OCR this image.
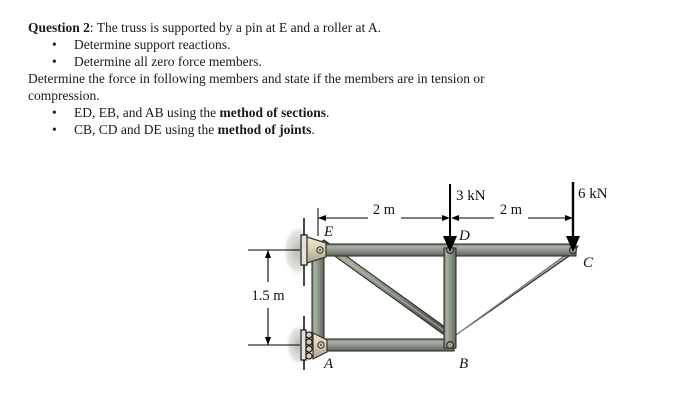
Question 2: The truss is supported by a pin at E and a roller at A.
• Determine support reactions.
• Determine all zero force members.
Determine the force in following members and state if the members are in tension or
compression.
• ED, EB, and AB using the method of sections.
• CB, CD and DE using the method of joints.
E
A
D
B
C
3 kN	6 kN
2 m	2 m
1.5 m
